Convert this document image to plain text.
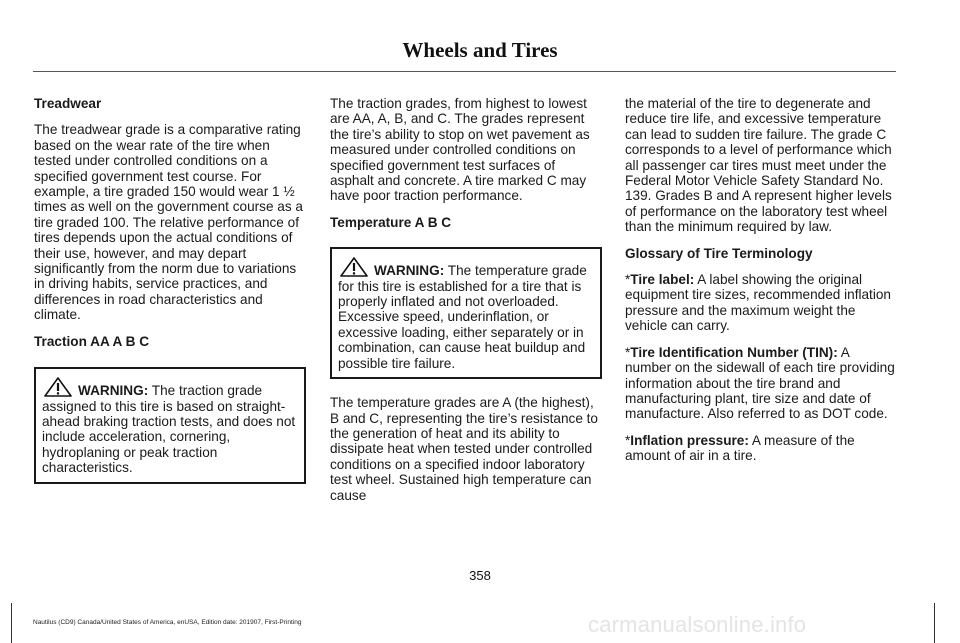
Wheels and Tires
Treadwear
The treadwear grade is a comparative rating based on the wear rate of the tire when tested under controlled conditions on a specified government test course. For example, a tire graded 150 would wear 1 ½ times as well on the government course as a tire graded 100. The relative performance of tires depends upon the actual conditions of their use, however, and may depart significantly from the norm due to variations in driving habits, service practices, and differences in road characteristics and climate.
Traction AA A B C
WARNING: The traction grade assigned to this tire is based on straight-ahead braking traction tests, and does not include acceleration, cornering, hydroplaning or peak traction characteristics.
The traction grades, from highest to lowest are AA, A, B, and C. The grades represent the tire’s ability to stop on wet pavement as measured under controlled conditions on specified government test surfaces of asphalt and concrete. A tire marked C may have poor traction performance.
Temperature A B C
WARNING: The temperature grade for this tire is established for a tire that is properly inflated and not overloaded. Excessive speed, underinflation, or excessive loading, either separately or in combination, can cause heat buildup and possible tire failure.
The temperature grades are A (the highest), B and C, representing the tire’s resistance to the generation of heat and its ability to dissipate heat when tested under controlled conditions on a specified indoor laboratory test wheel. Sustained high temperature can cause
the material of the tire to degenerate and reduce tire life, and excessive temperature can lead to sudden tire failure. The grade C corresponds to a level of performance which all passenger car tires must meet under the Federal Motor Vehicle Safety Standard No. 139. Grades B and A represent higher levels of performance on the laboratory test wheel than the minimum required by law.
Glossary of Tire Terminology
*Tire label: A label showing the original equipment tire sizes, recommended inflation pressure and the maximum weight the vehicle can carry.
*Tire Identification Number (TIN): A number on the sidewall of each tire providing information about the tire brand and manufacturing plant, tire size and date of manufacture. Also referred to as DOT code.
*Inflation pressure: A measure of the amount of air in a tire.
358
Nautilus (CD9) Canada/United States of America, enUSA, Edition date: 201907, First-Printing	carmanualsonline.info
